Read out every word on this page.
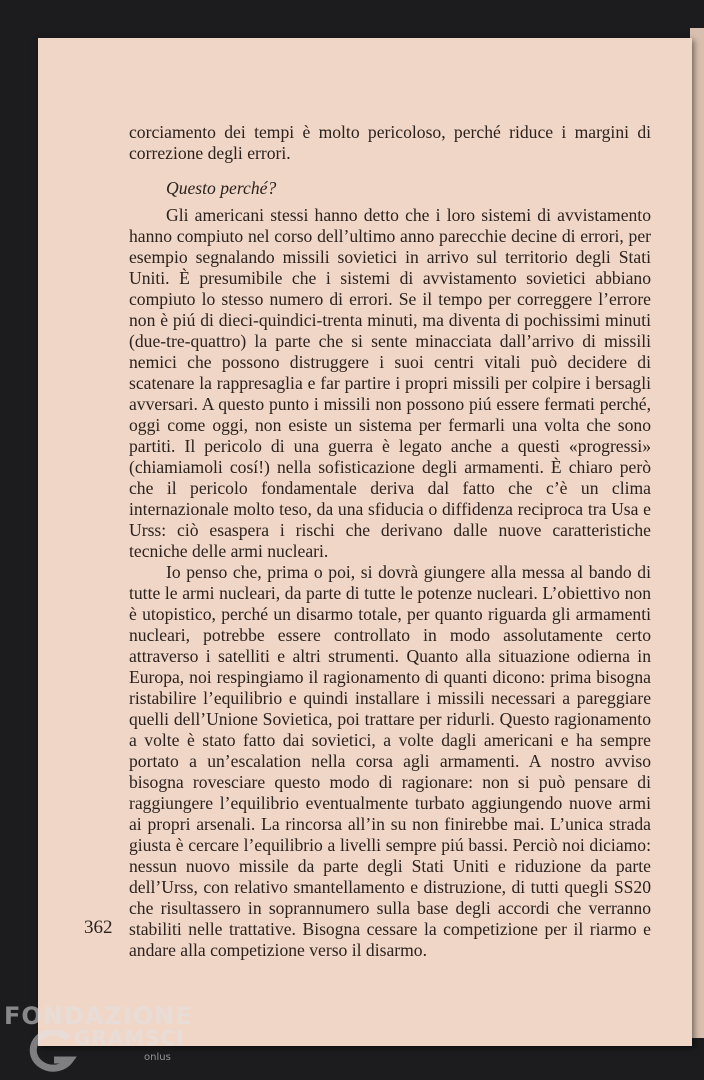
corciamento dei tempi è molto pericoloso, perché riduce i margini di correzione degli errori.

Questo perché?

Gli americani stessi hanno detto che i loro sistemi di avvistamento hanno compiuto nel corso dell’ultimo anno parecchie decine di errori, per esempio segnalando missili sovietici in arrivo sul territorio degli Stati Uniti. È presumibile che i sistemi di avvistamento sovietici abbiano compiuto lo stesso numero di errori. Se il tempo per correggere l’errore non è piú di dieci-quindici-trenta minuti, ma diventa di pochissimi minuti (due-tre-quattro) la parte che si sente minacciata dall’arrivo di missili nemici che possono distruggere i suoi centri vitali può decidere di scatenare la rappresaglia e far partire i propri missili per colpire i bersagli avversari. A questo punto i missili non possono piú essere fermati perché, oggi come oggi, non esiste un sistema per fermarli una volta che sono partiti. Il pericolo di una guerra è legato anche a questi «progressi» (chiamiamoli cosí!) nella sofisticazione degli armamenti. È chiaro però che il pericolo fondamentale deriva dal fatto che c’è un clima internazionale molto teso, da una sfiducia o diffidenza reciproca tra Usa e Urss: ciò esaspera i rischi che derivano dalle nuove caratteristiche tecniche delle armi nucleari.

Io penso che, prima o poi, si dovrà giungere alla messa al bando di tutte le armi nucleari, da parte di tutte le potenze nucleari. L’obiettivo non è utopistico, perché un disarmo totale, per quanto riguarda gli armamenti nucleari, potrebbe essere controllato in modo assolutamente certo attraverso i satelliti e altri strumenti. Quanto alla situazione odierna in Europa, noi respingiamo il ragionamento di quanti dicono: prima bisogna ristabilire l’equilibrio e quindi installare i missili necessari a pareggiare quelli dell’Unione Sovietica, poi trattare per ridurli. Questo ragionamento a volte è stato fatto dai sovietici, a volte dagli americani e ha sempre portato a un’escalation nella corsa agli armamenti. A nostro avviso bisogna rovesciare questo modo di ragionare: non si può pensare di raggiungere l’equilibrio eventualmente turbato aggiungendo nuove armi ai propri arsenali. La rincorsa all’in su non finirebbe mai. L’unica strada giusta è cercare l’equilibrio a livelli sempre piú bassi. Perciò noi diciamo: nessun nuovo missile da parte degli Stati Uniti e riduzione da parte dell’Urss, con relativo smantellamento e distruzione, di tutti quegli SS20 che risultassero in soprannumero sulla base degli accordi che verranno stabiliti nelle trattative. Bisogna cessare la competizione per il riarmo e andare alla competizione verso il disarmo.

362
FONDAZIONE
GRAMSCI
onlus
